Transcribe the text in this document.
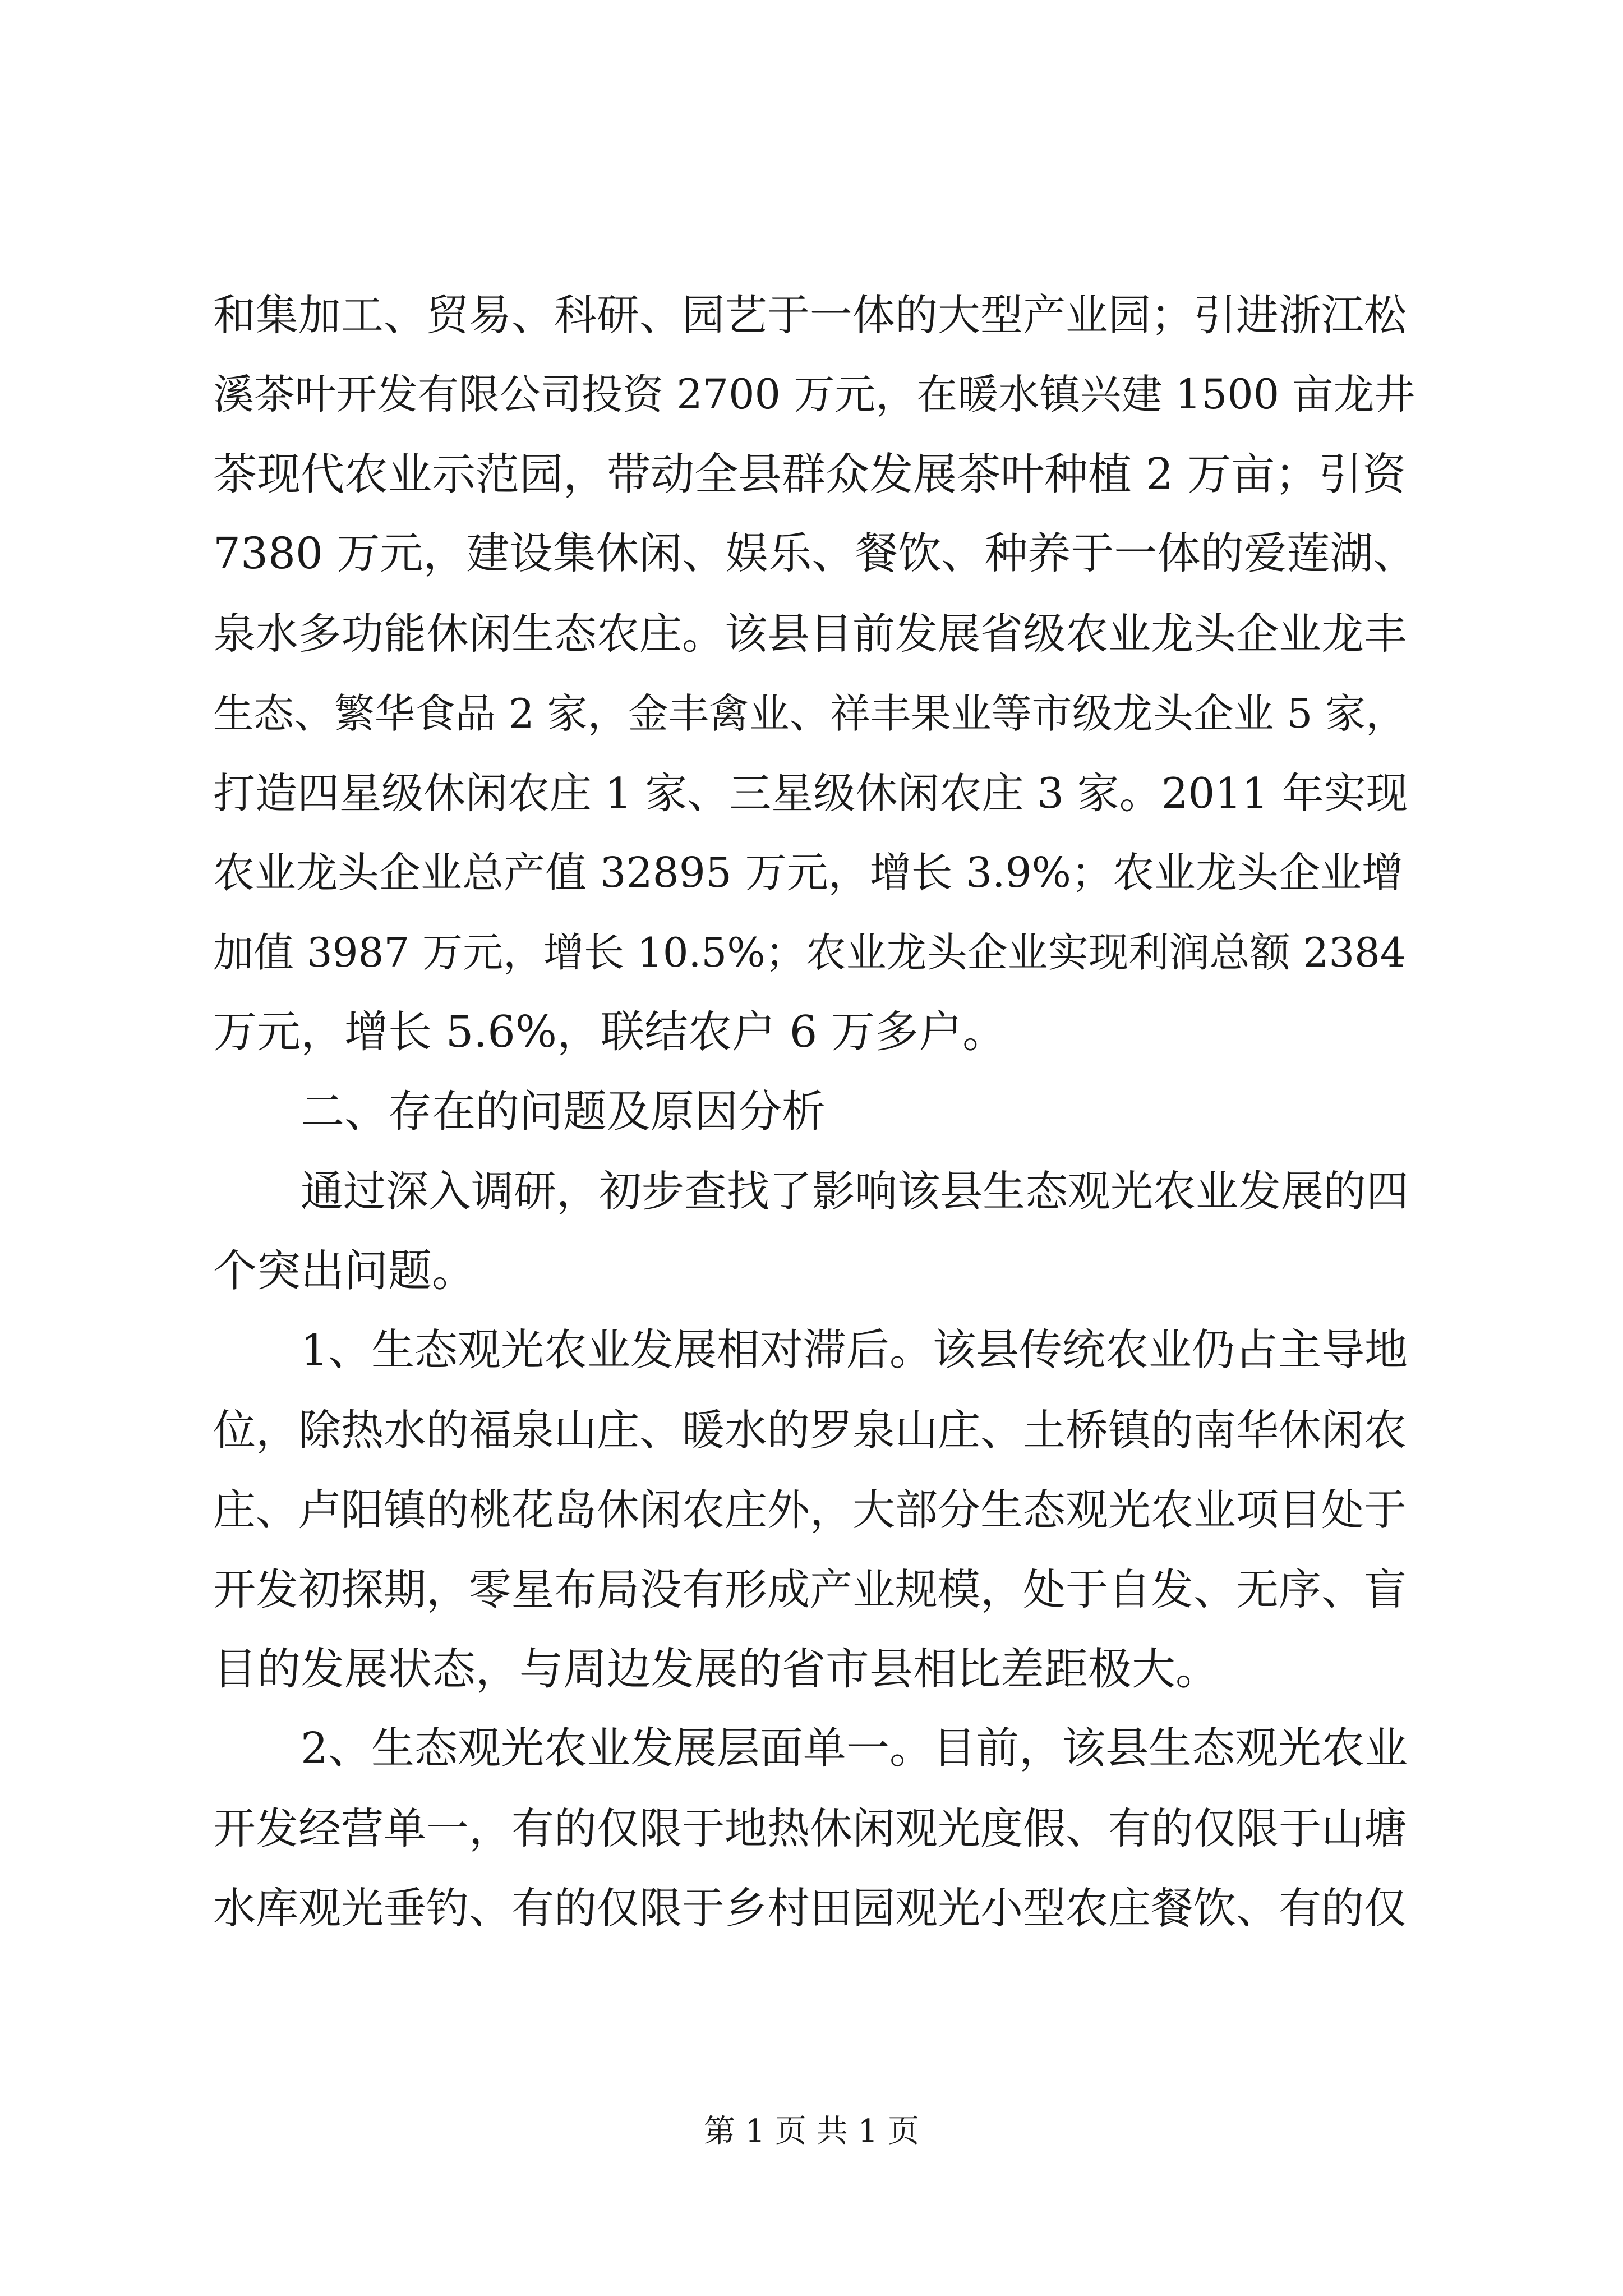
和集加工、贸易、科研、园艺于一体的大型产业园；引进浙江松
溪茶叶开发有限公司投资 2700 万元，在暖水镇兴建 1500 亩龙井
茶现代农业示范园，带动全县群众发展茶叶种植 2 万亩；引资
7380 万元，建设集休闲、娱乐、餐饮、种养于一体的爱莲湖、
泉水多功能休闲生态农庄。该县目前发展省级农业龙头企业龙丰
生态、繁华食品 2 家，金丰禽业、祥丰果业等市级龙头企业 5 家，
打造四星级休闲农庄 1 家、三星级休闲农庄 3 家。2011 年实现
农业龙头企业总产值 32895 万元，增长 3.9%；农业龙头企业增
加值 3987 万元，增长 10.5%；农业龙头企业实现利润总额 2384
万元，增长 5.6%，联结农户 6 万多户。
二、存在的问题及原因分析
通过深入调研，初步查找了影响该县生态观光农业发展的四
个突出问题。
1、生态观光农业发展相对滞后。该县传统农业仍占主导地
位，除热水的福泉山庄、暖水的罗泉山庄、土桥镇的南华休闲农
庄、卢阳镇的桃花岛休闲农庄外，大部分生态观光农业项目处于
开发初探期，零星布局没有形成产业规模，处于自发、无序、盲
目的发展状态，与周边发展的省市县相比差距极大。
2、生态观光农业发展层面单一。目前，该县生态观光农业
开发经营单一，有的仅限于地热休闲观光度假、有的仅限于山塘
水库观光垂钓、有的仅限于乡村田园观光小型农庄餐饮、有的仅
第 1 页 共 1 页
